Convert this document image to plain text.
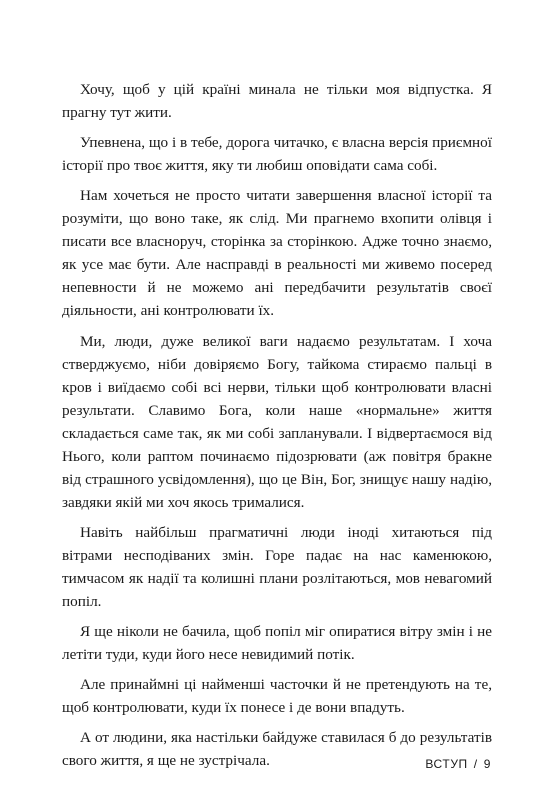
Хочу, щоб у цій країні минала не тільки моя відпустка. Я прагну тут жити.

Упевнена, що і в тебе, дорога читачко, є власна версія приємної історії про твоє життя, яку ти любиш оповідати сама собі.

Нам хочеться не просто читати завершення власної історії та розуміти, що воно таке, як слід. Ми прагнемо вхопити олівця і писати все власноруч, сторінка за сторінкою. Адже точно знаємо, як усе має бути. Але насправді в реальності ми живемо посеред непевности й не можемо ані передбачити результатів своєї діяльности, ані контролювати їх.

Ми, люди, дуже великої ваги надаємо результатам. І хоча стверджуємо, ніби довіряємо Богу, тайкома стираємо пальці в кров і виїдаємо собі всі нерви, тільки щоб контролювати власні результати. Славимо Бога, коли наше «нормальне» життя складається саме так, як ми собі запланували. І відвертаємося від Нього, коли раптом починаємо підозрювати (аж повітря бракне від страшного усвідомлення), що це Він, Бог, знищує нашу надію, завдяки якій ми хоч якось трималися.

Навіть найбільш прагматичні люди іноді хитаються під вітрами несподіваних змін. Горе падає на нас каменюкою, тимчасом як надії та колишні плани розлітаються, мов невагомий попіл.

Я ще ніколи не бачила, щоб попіл міг опиратися вітру змін і не летіти туди, куди його несе невидимий потік.

Але принаймні ці найменші часточки й не претендують на те, щоб контролювати, куди їх понесе і де вони впадуть.

А от людини, яка настільки байдуже ставилася б до результатів свого життя, я ще не зустрічала.	ВСТУП / 9
